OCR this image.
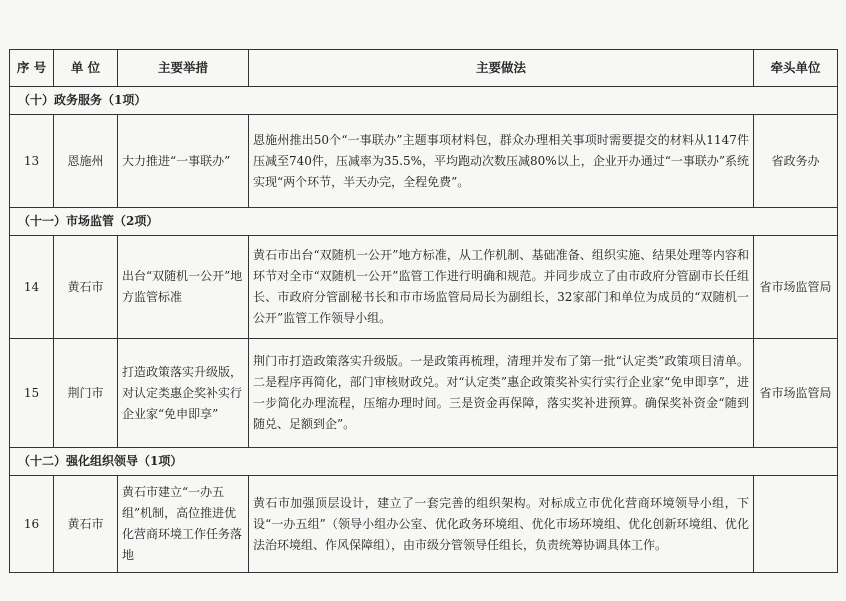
序 号	单 位	主要举措	主要做法	牵头单位
（十）政务服务（1项）				
13	恩施州	大力推进“一事联办”	恩施州推出50个“一事联办”主题事项材料包，群众办理相关事项时需要提交的材料从1147件压减至740件，压减率为35.5%，平均跑动次数压减80%以上，企业开办通过“一事联办”系统实现“两个环节，半天办完，全程免费”。	省政务办
（十一）市场监管（2项）				
14	黄石市	出台“双随机一公开”地方监管标准	黄石市出台“双随机一公开”地方标准，从工作机制、基础准备、组织实施、结果处理等内容和环节对全市“双随机一公开”监管工作进行明确和规范。并同步成立了由市政府分管副市长任组长、市政府分管副秘书长和市市场监管局局长为副组长，32家部门和单位为成员的“双随机一公开”监管工作领导小组。	省市场监管局
15	荆门市	打造政策落实升级版，对认定类惠企奖补实行企业家“免申即享”	荆门市打造政策落实升级版。一是政策再梳理，清理并发布了第一批“认定类”政策项目清单。二是程序再简化，部门审核财政兑。对“认定类”惠企政策奖补实行实行企业家“免申即享”，进一步简化办理流程，压缩办理时间。三是资金再保障，落实奖补进预算。确保奖补资金“随到随兑、足额到企”。	省市场监管局
（十二）强化组织领导（1项）				
16	黄石市	黄石市建立“一办五组”机制，高位推进优化营商环境工作任务落地	黄石市加强顶层设计，建立了一套完善的组织架构。对标成立市优化营商环境领导小组，下设“一办五组”（领导小组办公室、优化政务环境组、优化市场环境组、优化创新环境组、优化法治环境组、作风保障组），由市级分管领导任组长，负责统筹协调具体工作。	
